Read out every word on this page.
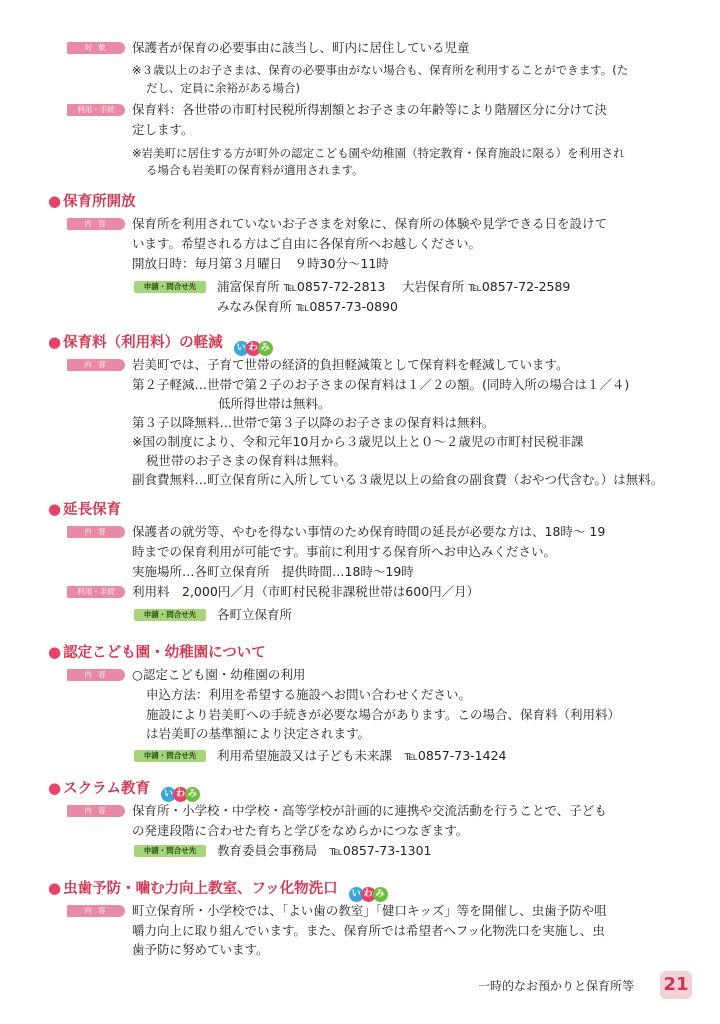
対 象	保護者が保育の必要事由に該当し、町内に居住している児童
※３歳以上のお子さまは、保育の必要事由がない場合も、保育所を利用することができます。(た
だし、定員に余裕がある場合)
利用・手続	保育料：各世帯の市町村民税所得割額とお子さまの年齢等により階層区分に分けて決
定します。
※岩美町に居住する方が町外の認定こども園や幼稚園（特定教育・保育施設に限る）を利用され
る場合も岩美町の保育料が適用されます。
● 保育所開放
内 容	保育所を利用されていないお子さまを対象に、保育所の体験や見学できる日を設けて
います。希望される方はご自由に各保育所へお越しください。
開放日時：毎月第３月曜日　９時30分～11時
申請・問合せ先	浦富保育所 ℡0857-72-2813　 大岩保育所 ℡0857-72-2589
みなみ保育所 ℡0857-73-0890
● 保育料（利用料）の軽減 い わ み
内 容	岩美町では、子育て世帯の経済的負担軽減策として保育料を軽減しています。
第２子軽減…世帯で第２子のお子さまの保育料は１／２の額。(同時入所の場合は１／４)
低所得世帯は無料。
第３子以降無料…世帯で第３子以降のお子さまの保育料は無料。
※国の制度により、令和元年10月から３歳児以上と０～２歳児の市町村民税非課
税世帯のお子さまの保育料は無料。
副食費無料…町立保育所に入所している３歳児以上の給食の副食費（おやつ代含む。）は無料。
● 延長保育
内 容	保護者の就労等、やむを得ない事情のため保育時間の延長が必要な方は、18時～ 19
時までの保育利用が可能です。事前に利用する保育所へお申込みください。
実施場所…各町立保育所　提供時間…18時～19時
利用・手続	利用料　2,000円／月（市町村民税非課税世帯は600円／月）
申請・問合せ先	各町立保育所
● 認定こども園・幼稚園について
内 容	○認定こども園・幼稚園の利用
申込方法：利用を希望する施設へお問い合わせください。
施設により岩美町への手続きが必要な場合があります。この場合、保育料（利用料）
は岩美町の基準額により決定されます。
申請・問合せ先	利用希望施設又は子ども未来課　℡0857-73-1424
● スクラム教育 い わ み
内 容	保育所・小学校・中学校・高等学校が計画的に連携や交流活動を行うことで、子ども
の発達段階に合わせた育ちと学びをなめらかにつなぎます。
申請・問合せ先	教育委員会事務局　℡0857-73-1301
● 虫歯予防・噛む力向上教室、フッ化物洗口 い わ み
内 容	町立保育所・小学校では、「よい歯の教室」「健口キッズ」等を開催し、虫歯予防や咀
嚼力向上に取り組んでいます。また、保育所では希望者へフッ化物洗口を実施し、虫
歯予防に努めています。
一時的なお預かりと保育所等 21
